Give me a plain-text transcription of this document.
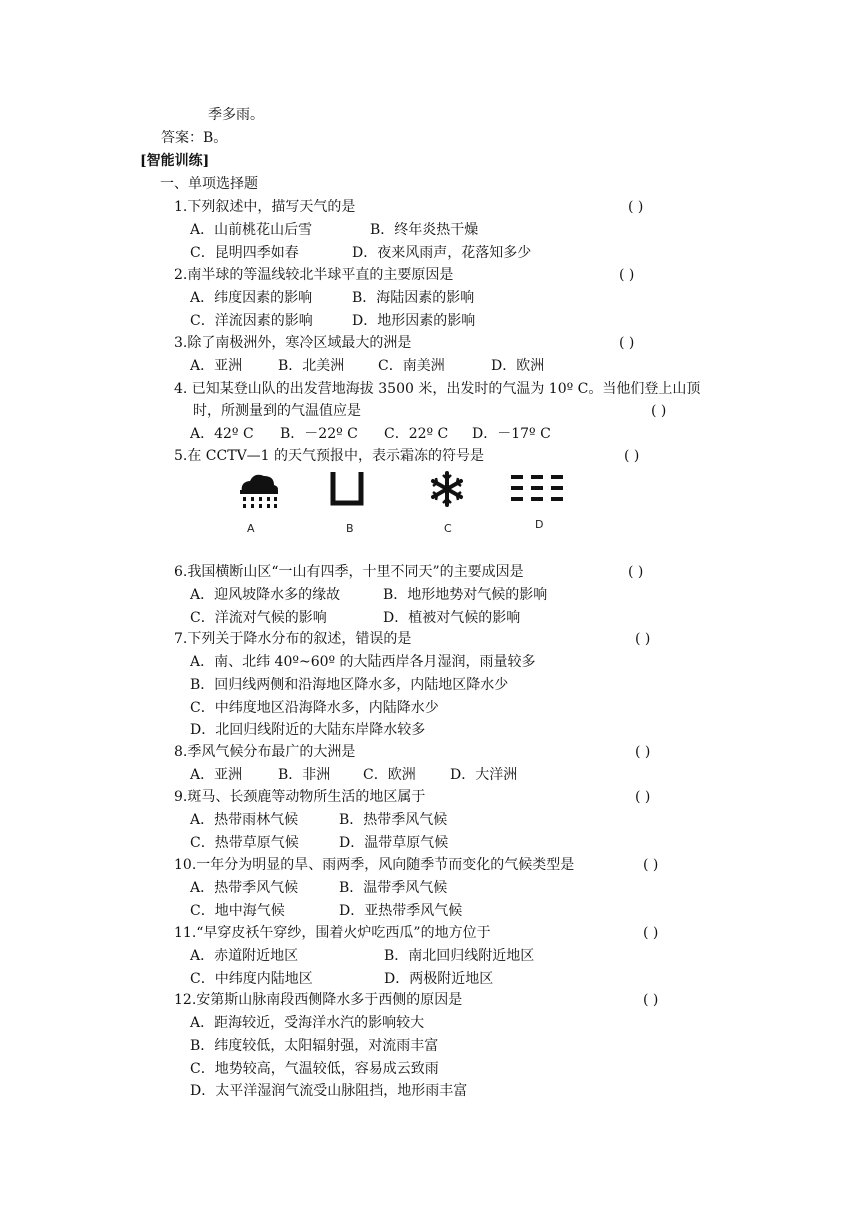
季多雨。
答案：B。
[智能训练]
一、单项选择题
1.下列叙述中，描写天气的是	( )
A．山前桃花山后雪	B．终年炎热干燥
C．昆明四季如春	D．夜来风雨声，花落知多少
2.南半球的等温线较北半球平直的主要原因是	( )
A．纬度因素的影响	B．海陆因素的影响
C．洋流因素的影响	D．地形因素的影响
3.除了南极洲外，寒冷区域最大的洲是	( )
A．亚洲	B．北美洲 C．南美洲	D．欧洲
4. 已知某登山队的出发营地海拔 3500 米，出发时的气温为 10º C。当他们登上山顶
时，所测量到的气温值应是	( )
A．42º C B．－22º C C．22º C D．－17º C
5.在 CCTV—1 的天气预报中，表示霜冻的符号是	( )
A	B	C	D
6.我国横断山区“一山有四季，十里不同天”的主要成因是	( )
A．迎风坡降水多的缘故	B．地形地势对气候的影响
C．洋流对气候的影响	D．植被对气候的影响
7.下列关于降水分布的叙述，错误的是	( )
A．南、北纬 40º~60º 的大陆西岸各月湿润，雨量较多
B．回归线两侧和沿海地区降水多，内陆地区降水少
C．中纬度地区沿海降水多，内陆降水少
D．北回归线附近的大陆东岸降水较多
8.季风气候分布最广的大洲是	( )
A．亚洲	B．非洲 C．欧洲 D．大洋洲
9.斑马、长颈鹿等动物所生活的地区属于	( )
A．热带雨林气候	B．热带季风气候
C．热带草原气候	D．温带草原气候
10.一年分为明显的旱、雨两季，风向随季节而变化的气候类型是	( )
A．热带季风气候	B．温带季风气候
C．地中海气候	D．亚热带季风气候
11.“早穿皮袄午穿纱，围着火炉吃西瓜”的地方位于	( )
A．赤道附近地区	B．南北回归线附近地区
C．中纬度内陆地区	D．两极附近地区
12.安第斯山脉南段西侧降水多于西侧的原因是	( )
A．距海较近，受海洋水汽的影响较大
B．纬度较低，太阳辐射强，对流雨丰富
C．地势较高，气温较低，容易成云致雨
D．太平洋湿润气流受山脉阻挡，地形雨丰富
